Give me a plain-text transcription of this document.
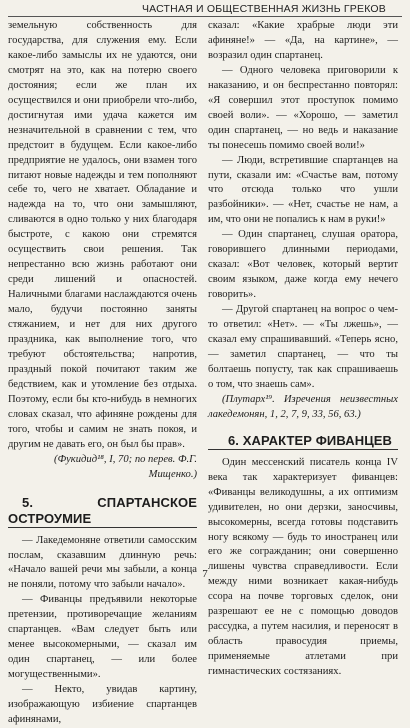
ЧАСТНАЯ И ОБЩЕСТВЕННАЯ ЖИЗНЬ ГРЕКОВ

земельную собственность для государства, для служения ему. Если какое-либо замыслы их не удаются, они смотрят на это, как на потерю своего достояния; если же план их осуществился и они приобрели что-либо, достигнутая ими удача кажется им незначительной в сравнении с тем, что предстоит в будущем. Если какое-либо предприятие не удалось, они взамен того питают новые надежды и тем пополняют себе то, чего не хватает. Обладание и надежда на то, что они замышляют, сливаются в одно только у них благодаря быстроте, с какою они стремятся осуществить свои решения. Так непрестанно всю жизнь работают они среди лишений и опасностей. Наличными благами наслаждаются очень мало, будучи постоянно заняты стяжанием, и нет для них другого праздника, как выполнение того, что требуют обстоятельства; напротив, праздный покой почитают таким же бедствием, как и утомление без отдыха. Поэтому, если бы кто-нибудь в немногих словах сказал, что афиняне рождены для того, чтобы и самим не знать покоя, и другим не давать его, он был бы прав».

(Фукидид¹⁸, I, 70; по перев. Ф.Г. Мищенко.)

5. СПАРТАНСКОЕ ОСТРОУМИЕ

— Лакедемоняне ответили самосским послам, сказавшим длинную речь: «Начало вашей речи мы забыли, а конца не поняли, потому что забыли начало».

— Фиванцы предъявили некоторые претензии, противоречащие желаниям спартанцев. «Вам следует быть или менее высокомерными, — сказал им один спартанец, — или более могущественными».

— Некто, увидав картину, изображающую избиение спартанцев афинянами,

сказал: «Какие храбрые люди эти афиняне!» — «Да, на картине», — возразил один спартанец.

— Одного человека приговорили к наказанию, и он беспрестанно повторял: «Я совершил этот проступок помимо своей воли». — «Хорошо, — заметил один спартанец, — но ведь и наказание ты понесешь помимо своей воли!»

— Люди, встретившие спартанцев на пути, сказали им: «Счастье вам, потому что отсюда только что ушли разбойники». — «Нет, счастье не нам, а им, что они не попались к нам в руки!»

— Один спартанец, слушая оратора, говорившего длинными периодами, сказал: «Вот человек, который вертит своим языком, даже когда ему нечего говорить».

— Другой спартанец на вопрос о чем-то ответил: «Нет». — «Ты лжешь», — сказал ему спрашивавший. «Теперь ясно, — заметил спартанец, — что ты болтаешь попусту, так как спрашиваешь о том, что знаешь сам».

(Плутарх¹⁹. Изречения неизвестных лакедемонян, 1, 2, 7, 9, 33, 56, 63.)

6. ХАРАКТЕР ФИВАНЦЕВ

Один мессенский писатель конца IV века так характеризует фиванцев: «Фиванцы великодушны, а их оптимизм удивителен, но они дерзки, заносчивы, высокомерны, всегда готовы подставить ногу всякому — будь то иностранец или его же согражданин; они совершенно лишены чувства справедливости. Если между ними возникает какая-нибудь ссора на почве торговых сделок, они разрешают ее не с помощью доводов рассудка, а путем насилия, и переносят в область правосудия приемы, применяемые атлетами при гимнастических состязаниях.

7
